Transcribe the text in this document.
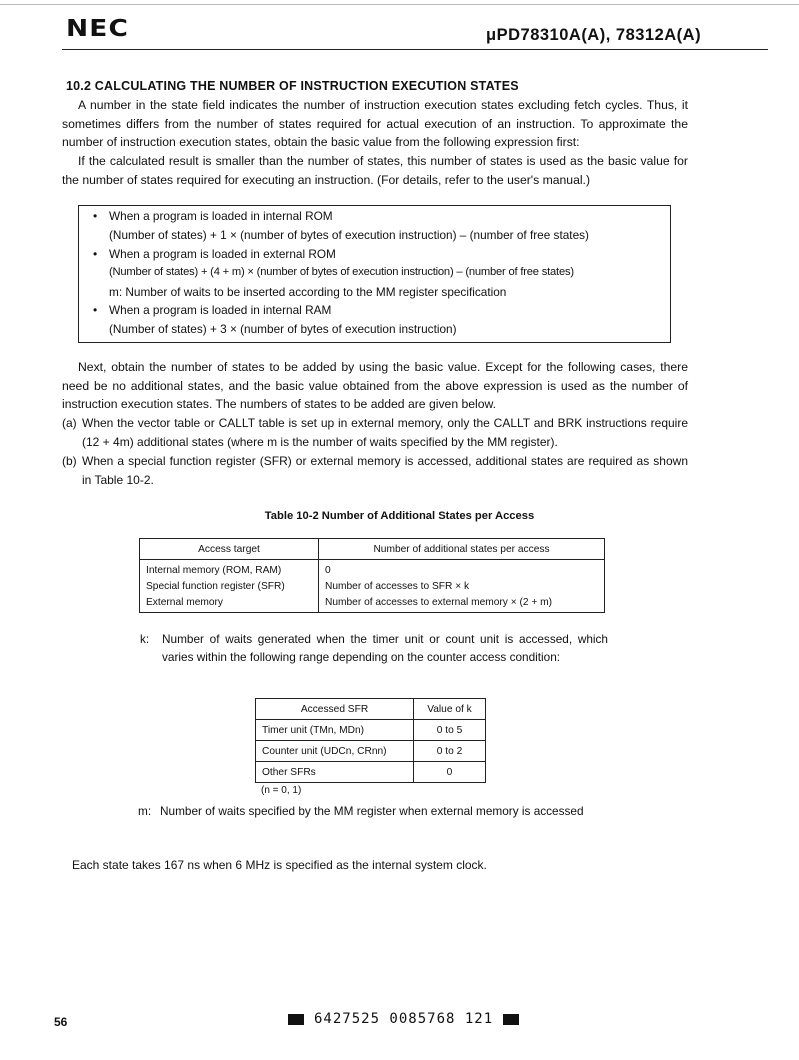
NEC	μPD78310A(A), 78312A(A)
10.2 CALCULATING THE NUMBER OF INSTRUCTION EXECUTION STATES

A number in the state field indicates the number of instruction execution states excluding fetch cycles. Thus, it sometimes differs from the number of states required for actual execution of an instruction. To approximate the number of instruction execution states, obtain the basic value from the following expression first:

If the calculated result is smaller than the number of states, this number of states is used as the basic value for the number of states required for executing an instruction. (For details, refer to the user's manual.)

• When a program is loaded in internal ROM
(Number of states) + 1 × (number of bytes of execution instruction) – (number of free states)
• When a program is loaded in external ROM
(Number of states) + (4 + m) × (number of bytes of execution instruction) – (number of free states)
m: Number of waits to be inserted according to the MM register specification
• When a program is loaded in internal RAM
(Number of states) + 3 × (number of bytes of execution instruction)

Next, obtain the number of states to be added by using the basic value. Except for the following cases, there need be no additional states, and the basic value obtained from the above expression is used as the number of instruction execution states. The numbers of states to be added are given below.

(a) When the vector table or CALLT table is set up in external memory, only the CALLT and BRK instructions require (12 + 4m) additional states (where m is the number of waits specified by the MM register).
(b) When a special function register (SFR) or external memory is accessed, additional states are required as shown in Table 10-2.
Table 10-2 Number of Additional States per Access
Access target	Number of additional states per access
Internal memory (ROM, RAM)	0
Special function register (SFR)	Number of accesses to SFR × k
External memory	Number of accesses to external memory × (2 + m)
k: Number of waits generated when the timer unit or count unit is accessed, which varies within the following range depending on the counter access condition:
Accessed SFR	Value of k
Timer unit (TMn, MDn)	0 to 5
Counter unit (UDCn, CRnn)	0 to 2
Other SFRs	0
(n = 0, 1)
m: Number of waits specified by the MM register when external memory is accessed
Each state takes 167 ns when 6 MHz is specified as the internal system clock.
56	6427525 0085768 121
